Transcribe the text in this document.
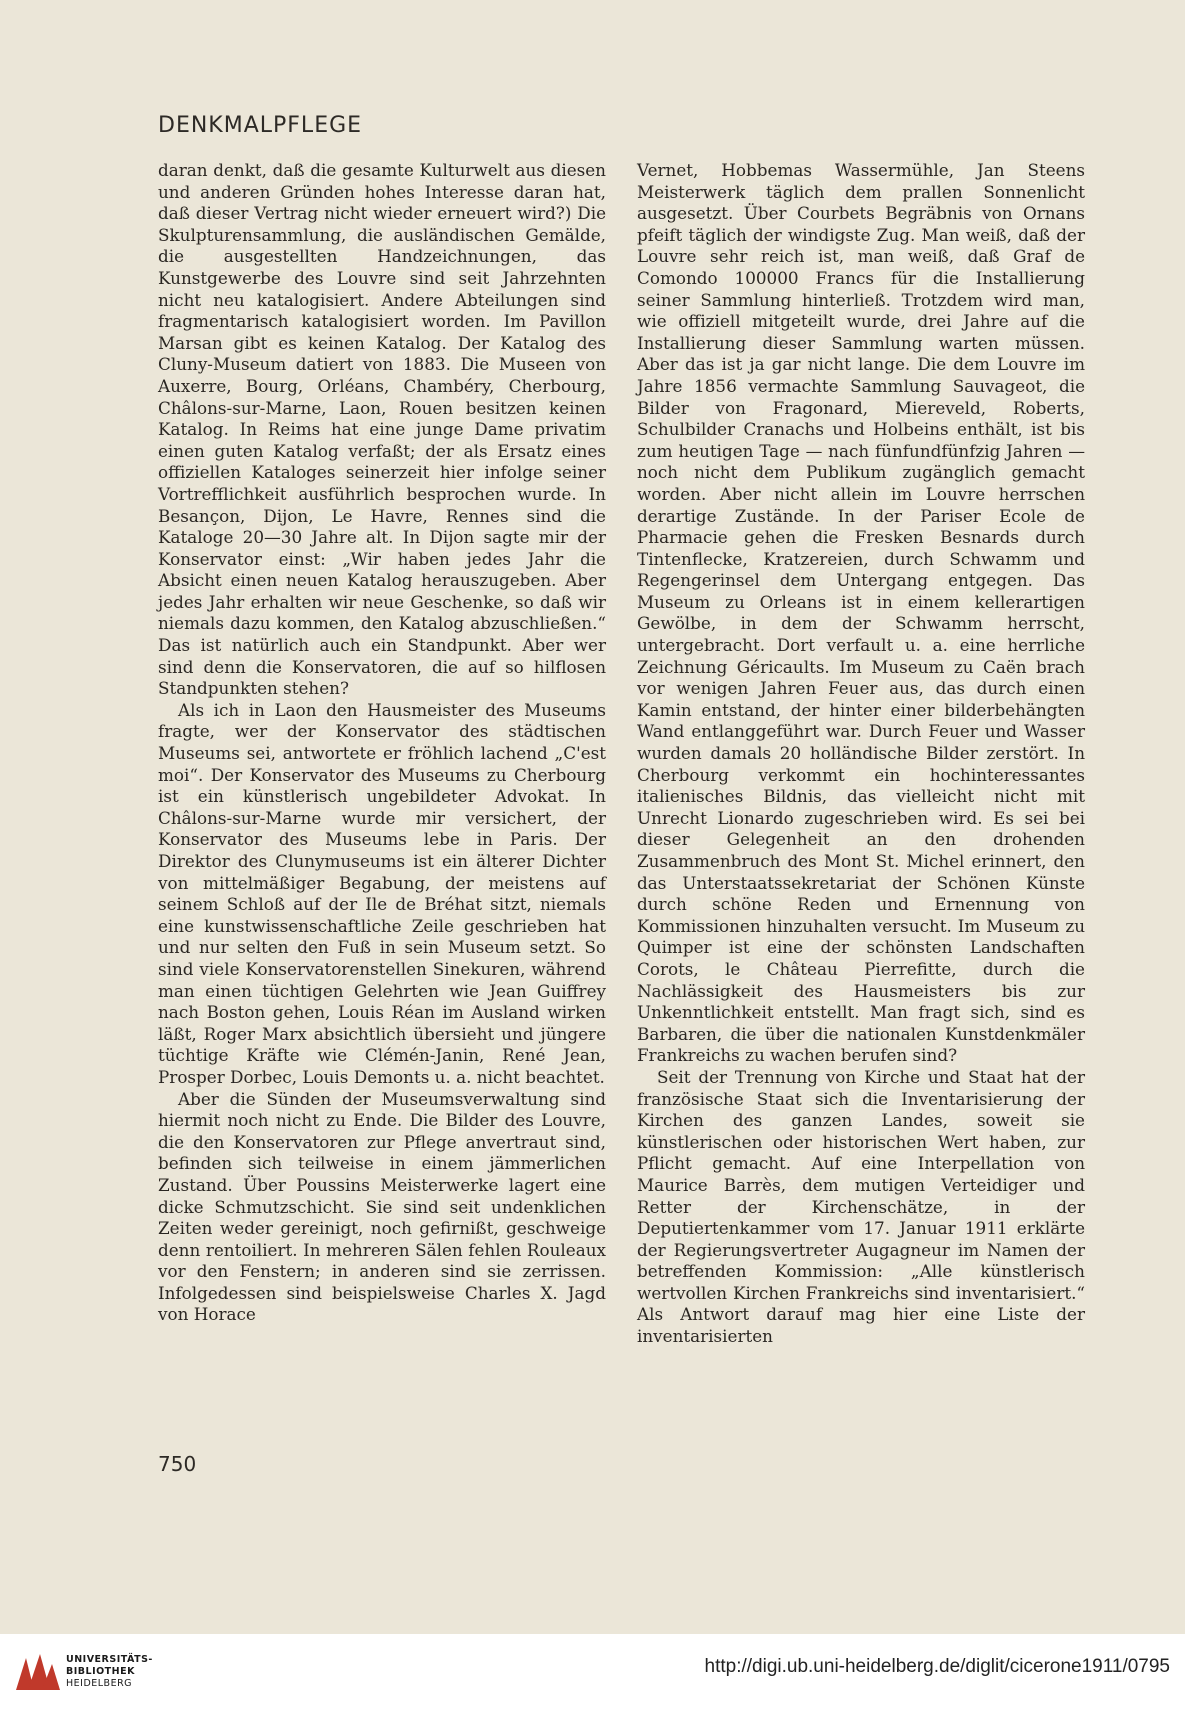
DENKMALPFLEGE

daran denkt, daß die gesamte Kulturwelt aus diesen und anderen Gründen hohes Interesse daran hat, daß dieser Vertrag nicht wieder erneuert wird?) Die Skulpturensammlung, die ausländischen Gemälde, die ausgestellten Handzeichnungen, das Kunstgewerbe des Louvre sind seit Jahrzehnten nicht neu katalogisiert. Andere Abteilungen sind fragmentarisch katalogisiert worden. Im Pavillon Marsan gibt es keinen Katalog. Der Katalog des Cluny-Museum datiert von 1883. Die Museen von Auxerre, Bourg, Orléans, Chambéry, Cherbourg, Châlons-sur-Marne, Laon, Rouen besitzen keinen Katalog. In Reims hat eine junge Dame privatim einen guten Katalog verfaßt; der als Ersatz eines offiziellen Kataloges seinerzeit hier infolge seiner Vortrefflichkeit ausführlich besprochen wurde. In Besançon, Dijon, Le Havre, Rennes sind die Kataloge 20—30 Jahre alt. In Dijon sagte mir der Konservator einst: „Wir haben jedes Jahr die Absicht einen neuen Katalog herauszugeben. Aber jedes Jahr erhalten wir neue Geschenke, so daß wir niemals dazu kommen, den Katalog abzuschließen.“ Das ist natürlich auch ein Standpunkt. Aber wer sind denn die Konservatoren, die auf so hilflosen Standpunkten stehen?

Als ich in Laon den Hausmeister des Museums fragte, wer der Konservator des städtischen Museums sei, antwortete er fröhlich lachend „C'est moi“. Der Konservator des Museums zu Cherbourg ist ein künstlerisch ungebildeter Advokat. In Châlons-sur-Marne wurde mir versichert, der Konservator des Museums lebe in Paris. Der Direktor des Clunymuseums ist ein älterer Dichter von mittelmäßiger Begabung, der meistens auf seinem Schloß auf der Ile de Bréhat sitzt, niemals eine kunstwissenschaftliche Zeile geschrieben hat und nur selten den Fuß in sein Museum setzt. So sind viele Konservatorenstellen Sinekuren, während man einen tüchtigen Gelehrten wie Jean Guiffrey nach Boston gehen, Louis Réan im Ausland wirken läßt, Roger Marx absichtlich übersieht und jüngere tüchtige Kräfte wie Clémén-Janin, René Jean, Prosper Dorbec, Louis Demonts u. a. nicht beachtet.

Aber die Sünden der Museumsverwaltung sind hiermit noch nicht zu Ende. Die Bilder des Louvre, die den Konservatoren zur Pflege anvertraut sind, befinden sich teilweise in einem jämmerlichen Zustand. Über Poussins Meisterwerke lagert eine dicke Schmutzschicht. Sie sind seit undenklichen Zeiten weder gereinigt, noch gefirnißt, geschweige denn rentoiliert. In mehreren Sälen fehlen Rouleaux vor den Fenstern; in anderen sind sie zerrissen. Infolgedessen sind beispielsweise Charles X. Jagd von Horace

Vernet, Hobbemas Wassermühle, Jan Steens Meisterwerk täglich dem prallen Sonnenlicht ausgesetzt. Über Courbets Begräbnis von Ornans pfeift täglich der windigste Zug. Man weiß, daß der Louvre sehr reich ist, man weiß, daß Graf de Comondo 100000 Francs für die Installierung seiner Sammlung hinterließ. Trotzdem wird man, wie offiziell mitgeteilt wurde, drei Jahre auf die Installierung dieser Sammlung warten müssen. Aber das ist ja gar nicht lange. Die dem Louvre im Jahre 1856 vermachte Sammlung Sauvageot, die Bilder von Fragonard, Miereveld, Roberts, Schulbilder Cranachs und Holbeins enthält, ist bis zum heutigen Tage — nach fünfundfünfzig Jahren — noch nicht dem Publikum zugänglich gemacht worden. Aber nicht allein im Louvre herrschen derartige Zustände. In der Pariser Ecole de Pharmacie gehen die Fresken Besnards durch Tintenflecke, Kratzereien, durch Schwamm und Regengerinsel dem Untergang entgegen. Das Museum zu Orleans ist in einem kellerartigen Gewölbe, in dem der Schwamm herrscht, untergebracht. Dort verfault u. a. eine herrliche Zeichnung Géricaults. Im Museum zu Caën brach vor wenigen Jahren Feuer aus, das durch einen Kamin entstand, der hinter einer bilderbehängten Wand entlanggeführt war. Durch Feuer und Wasser wurden damals 20 holländische Bilder zerstört. In Cherbourg verkommt ein hochinteressantes italienisches Bildnis, das vielleicht nicht mit Unrecht Lionardo zugeschrieben wird. Es sei bei dieser Gelegenheit an den drohenden Zusammenbruch des Mont St. Michel erinnert, den das Unterstaatssekretariat der Schönen Künste durch schöne Reden und Ernennung von Kommissionen hinzuhalten versucht. Im Museum zu Quimper ist eine der schönsten Landschaften Corots, le Château Pierrefitte, durch die Nachlässigkeit des Hausmeisters bis zur Unkenntlichkeit entstellt. Man fragt sich, sind es Barbaren, die über die nationalen Kunstdenkmäler Frankreichs zu wachen berufen sind?

Seit der Trennung von Kirche und Staat hat der französische Staat sich die Inventarisierung der Kirchen des ganzen Landes, soweit sie künstlerischen oder historischen Wert haben, zur Pflicht gemacht. Auf eine Interpellation von Maurice Barrès, dem mutigen Verteidiger und Retter der Kirchenschätze, in der Deputiertenkammer vom 17. Januar 1911 erklärte der Regierungsvertreter Augagneur im Namen der betreffenden Kommission: „Alle künstlerisch wertvollen Kirchen Frankreichs sind inventarisiert.“ Als Antwort darauf mag hier eine Liste der inventarisierten

750
UNIVERSITÄTS-
BIBLIOTHEK
HEIDELBERG
http://digi.ub.uni-heidelberg.de/diglit/cicerone1911/0795
